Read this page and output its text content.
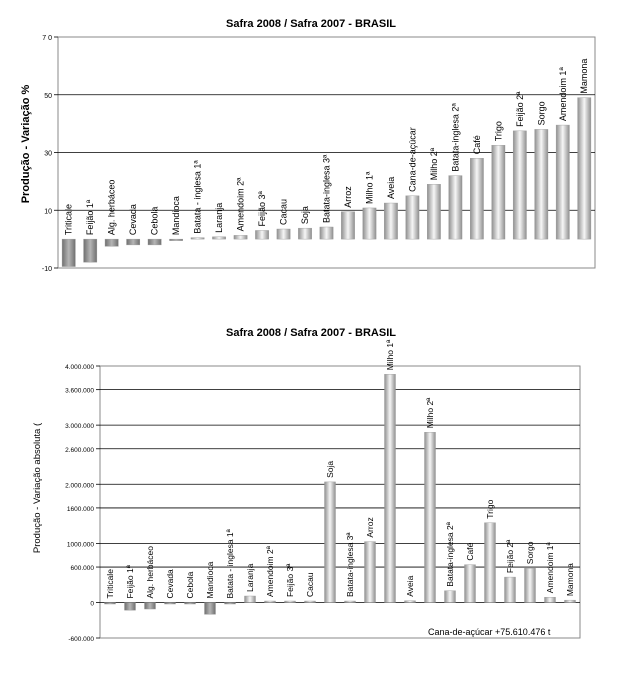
Safra 2008 / Safra 2007 - BRASIL
Produção - Variação %
-10
10
30
50
7 0
Triticale Feijão 1ª Alg. herbáceo Cevada Cebola Mandioca Batata - inglesa 1ª Laranja Amendoim 2ª Feijão 3ª Cacau Soja Batata-inglesa 3ª Arroz Milho 1ª Aveia Cana-de-açúcar Milho 2ª Batata-inglesa 2ª Café
Trigo
Feijão 2ª Sorgo Amendoim 1ª Mamona
Safra 2008 / Safra 2007 - BRASIL
Produção - Variação absoluta (
-600.000
0
600.000
1000.000
1600.000
2.000.000
2.600.000
3.000.000
3.600.000
4.000.000
Triticale Feijão 1ª Alg. herbáceo Cevada Cebola Mandioca Batata - inglesa 1ª Laranja Amendoim 2ª Feijão 3ª Cacau
Soja
Batata-inglesa 3ª
Arroz
Milho 1ª
Aveia
Milho 2ª
Batata-inglesa 2ª Café
Trigo
Feijão 2ª Sorgo Amendoim 1ª Mamona
Cana-de-açúcar +75.610.476 t
